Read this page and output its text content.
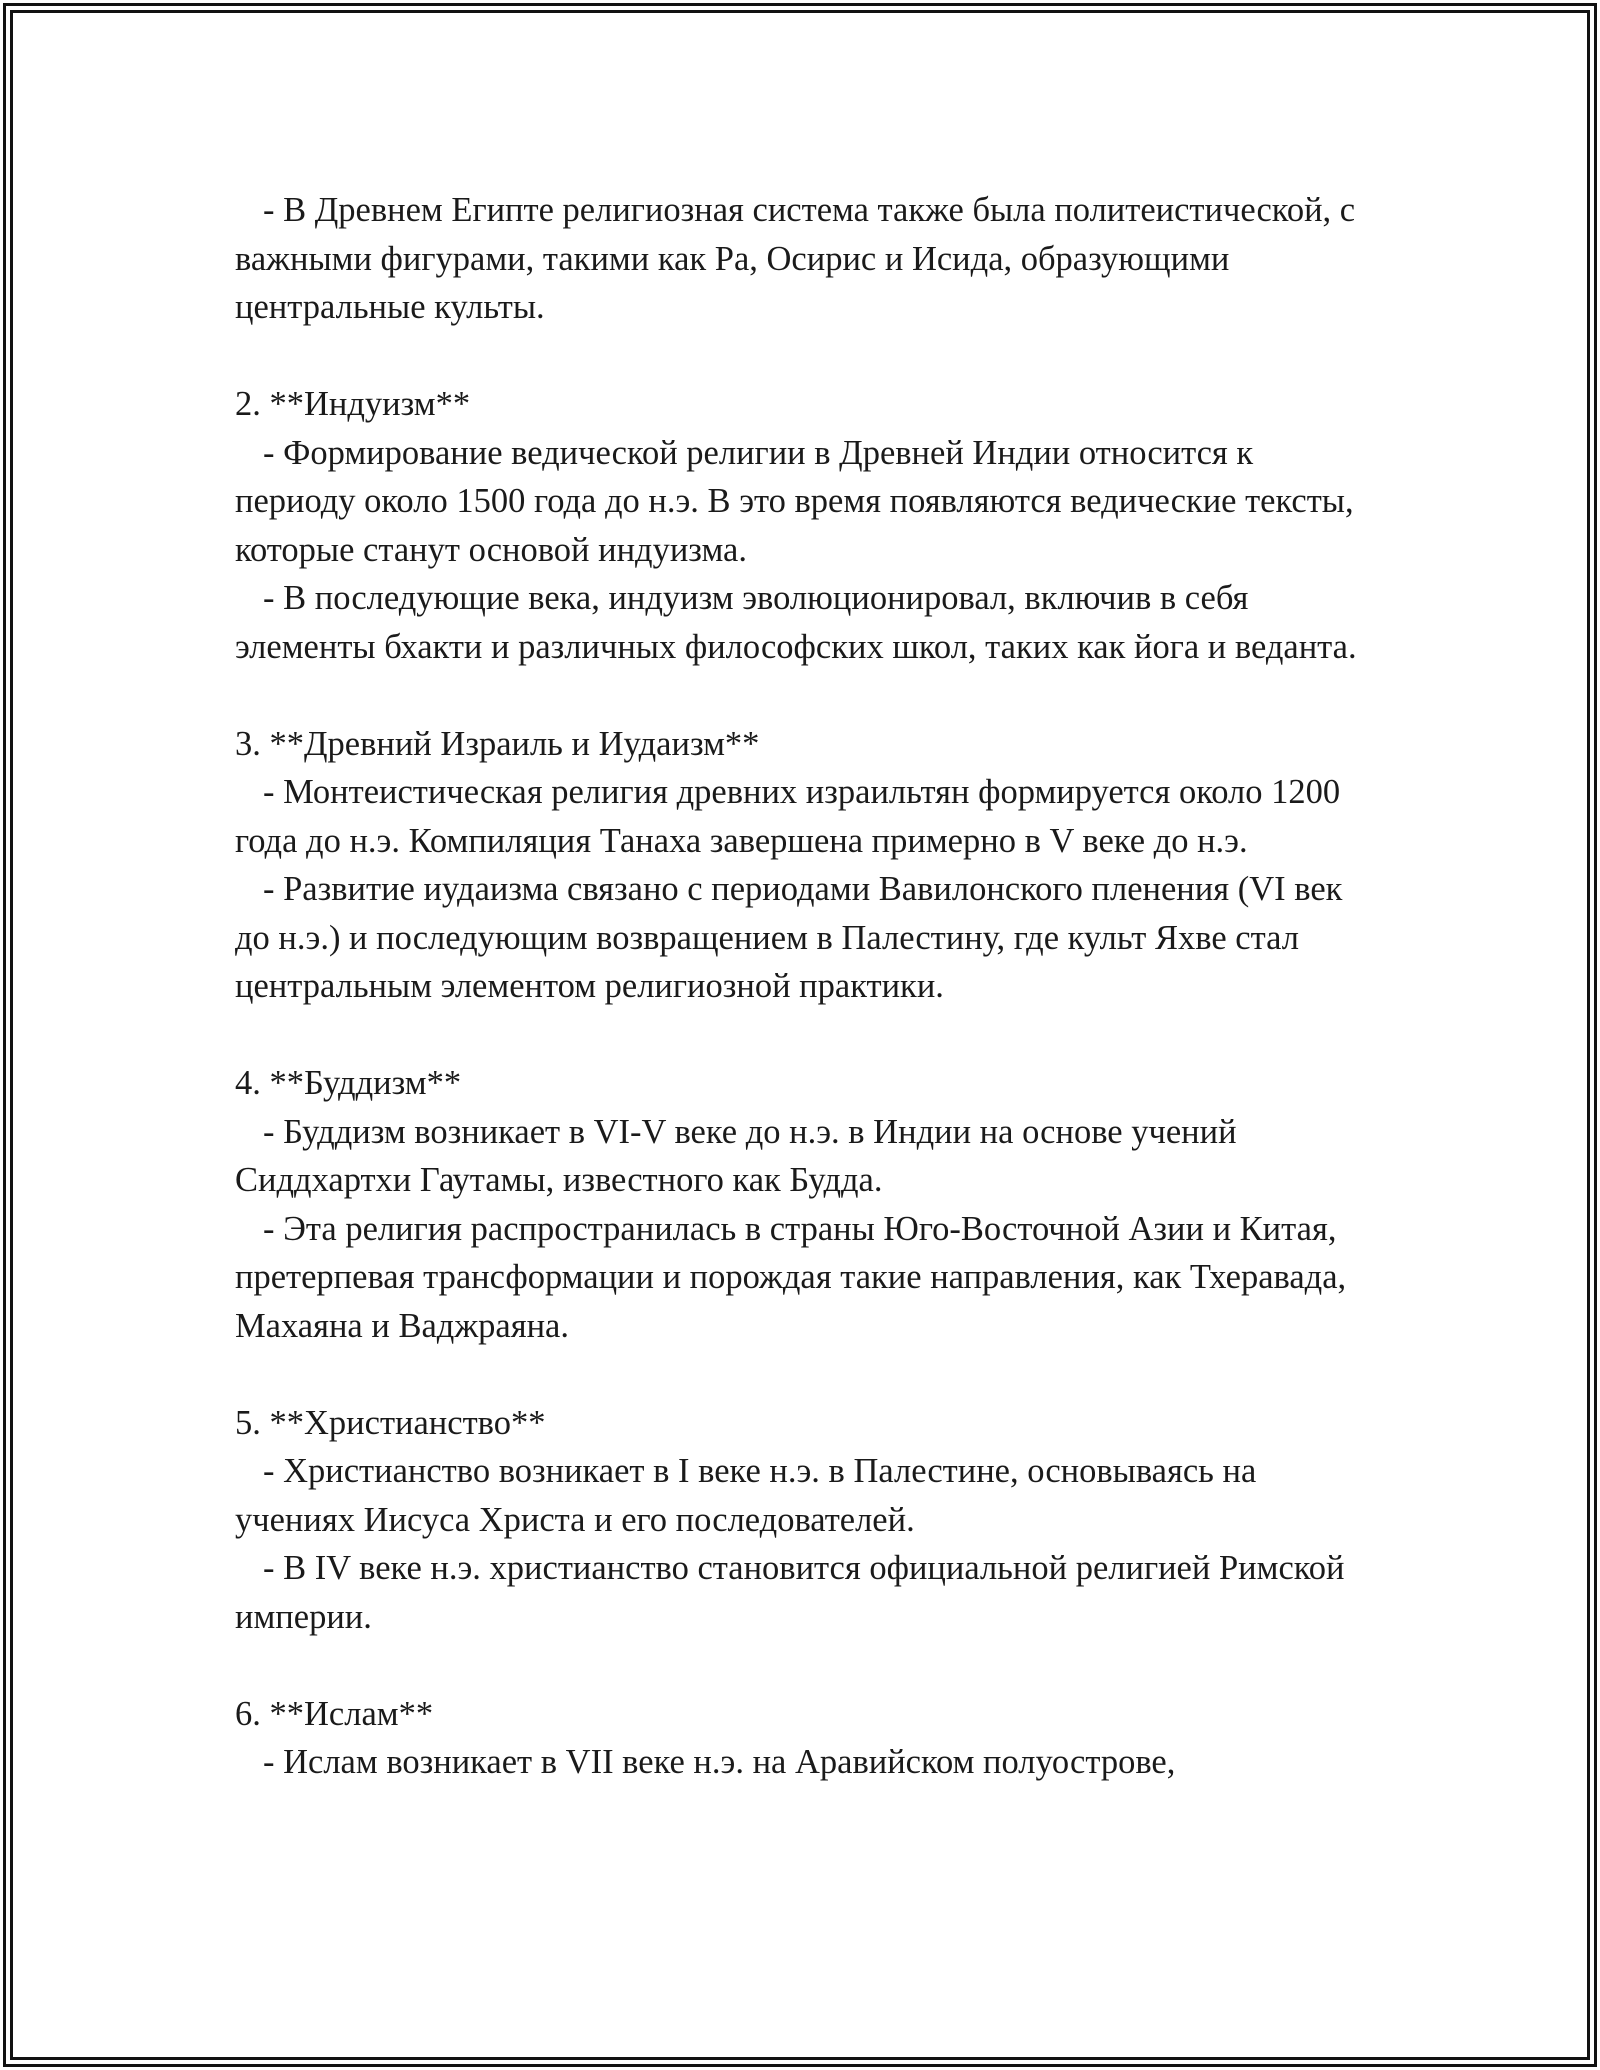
- В Древнем Египте религиозная система также была политеистической, с важными фигурами, такими как Ра, Осирис и Исида, образующими центральные культы.

2. **Индуизм**

- Формирование ведической религии в Древней Индии относится к периоду около 1500 года до н.э. В это время появляются ведические тексты, которые станут основой индуизма.

- В последующие века, индуизм эволюционировал, включив в себя элементы бхакти и различных философских школ, таких как йога и веданта.

3. **Древний Израиль и Иудаизм**

- Монтеистическая религия древних израильтян формируется около 1200 года до н.э. Компиляция Танаха завершена примерно в V веке до н.э.

- Развитие иудаизма связано с периодами Вавилонского пленения (VI век до н.э.) и последующим возвращением в Палестину, где культ Яхве стал центральным элементом религиозной практики.

4. **Буддизм**

- Буддизм возникает в VI-V веке до н.э. в Индии на основе учений Сиддхартхи Гаутамы, известного как Будда.

- Эта религия распространилась в страны Юго-Восточной Азии и Китая, претерпевая трансформации и порождая такие направления, как Тхеравада, Махаяна и Ваджраяна.

5. **Христианство**

- Христианство возникает в I веке н.э. в Палестине, основываясь на учениях Иисуса Христа и его последователей.

- В IV веке н.э. христианство становится официальной религией Римской империи.

6. **Ислам**

- Ислам возникает в VII веке н.э. на Аравийском полуострове,
